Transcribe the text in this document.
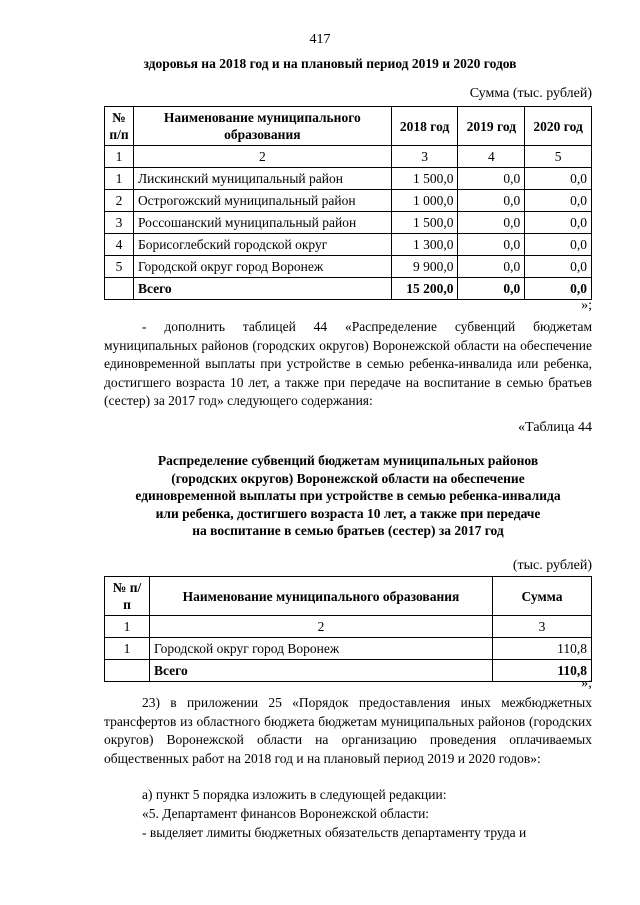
417
здоровья на 2018 год и на плановый период 2019 и 2020 годов
Сумма (тыс. рублей)
№ п/п	Наименование муниципального образования	2018 год	2019 год	2020 год
1	2	3	4	5
1	Лискинский муниципальный район	1 500,0	0,0	0,0
2	Острогожский муниципальный район	1 000,0	0,0	0,0
3	Россошанский муниципальный район	1 500,0	0,0	0,0
4	Борисоглебский городской округ	1 300,0	0,0	0,0
5	Городской округ город Воронеж	9 900,0	0,0	0,0
	Всего	15 200,0	0,0	0,0
»;
- дополнить таблицей 44 «Распределение субвенций бюджетам муниципальных районов (городских округов) Воронежской области на обеспечение единовременной выплаты при устройстве в семью ребенка-инвалида или ребенка, достигшего возраста 10 лет, а также при передаче на воспитание в семью братьев (сестер) за 2017 год» следующего содержания:
«Таблица 44
Распределение субвенций бюджетам муниципальных районов
(городских округов) Воронежской области на обеспечение
единовременной выплаты при устройстве в семью ребенка-инвалида
или ребенка, достигшего возраста 10 лет, а также при передаче
на воспитание в семью братьев (сестер) за 2017 год
(тыс. рублей)
№ п/п	Наименование муниципального образования	Сумма
1	2	3
1	Городской округ город Воронеж	110,8
	Всего	110,8
»;
23) в приложении 25 «Порядок предоставления иных межбюджетных трансфертов из областного бюджета бюджетам муниципальных районов (городских округов) Воронежской области на организацию проведения оплачиваемых общественных работ на 2018 год и на плановый период 2019 и 2020 годов»:
а) пункт 5 порядка изложить в следующей редакции:
«5. Департамент финансов Воронежской области:
- выделяет лимиты бюджетных обязательств департаменту труда и
